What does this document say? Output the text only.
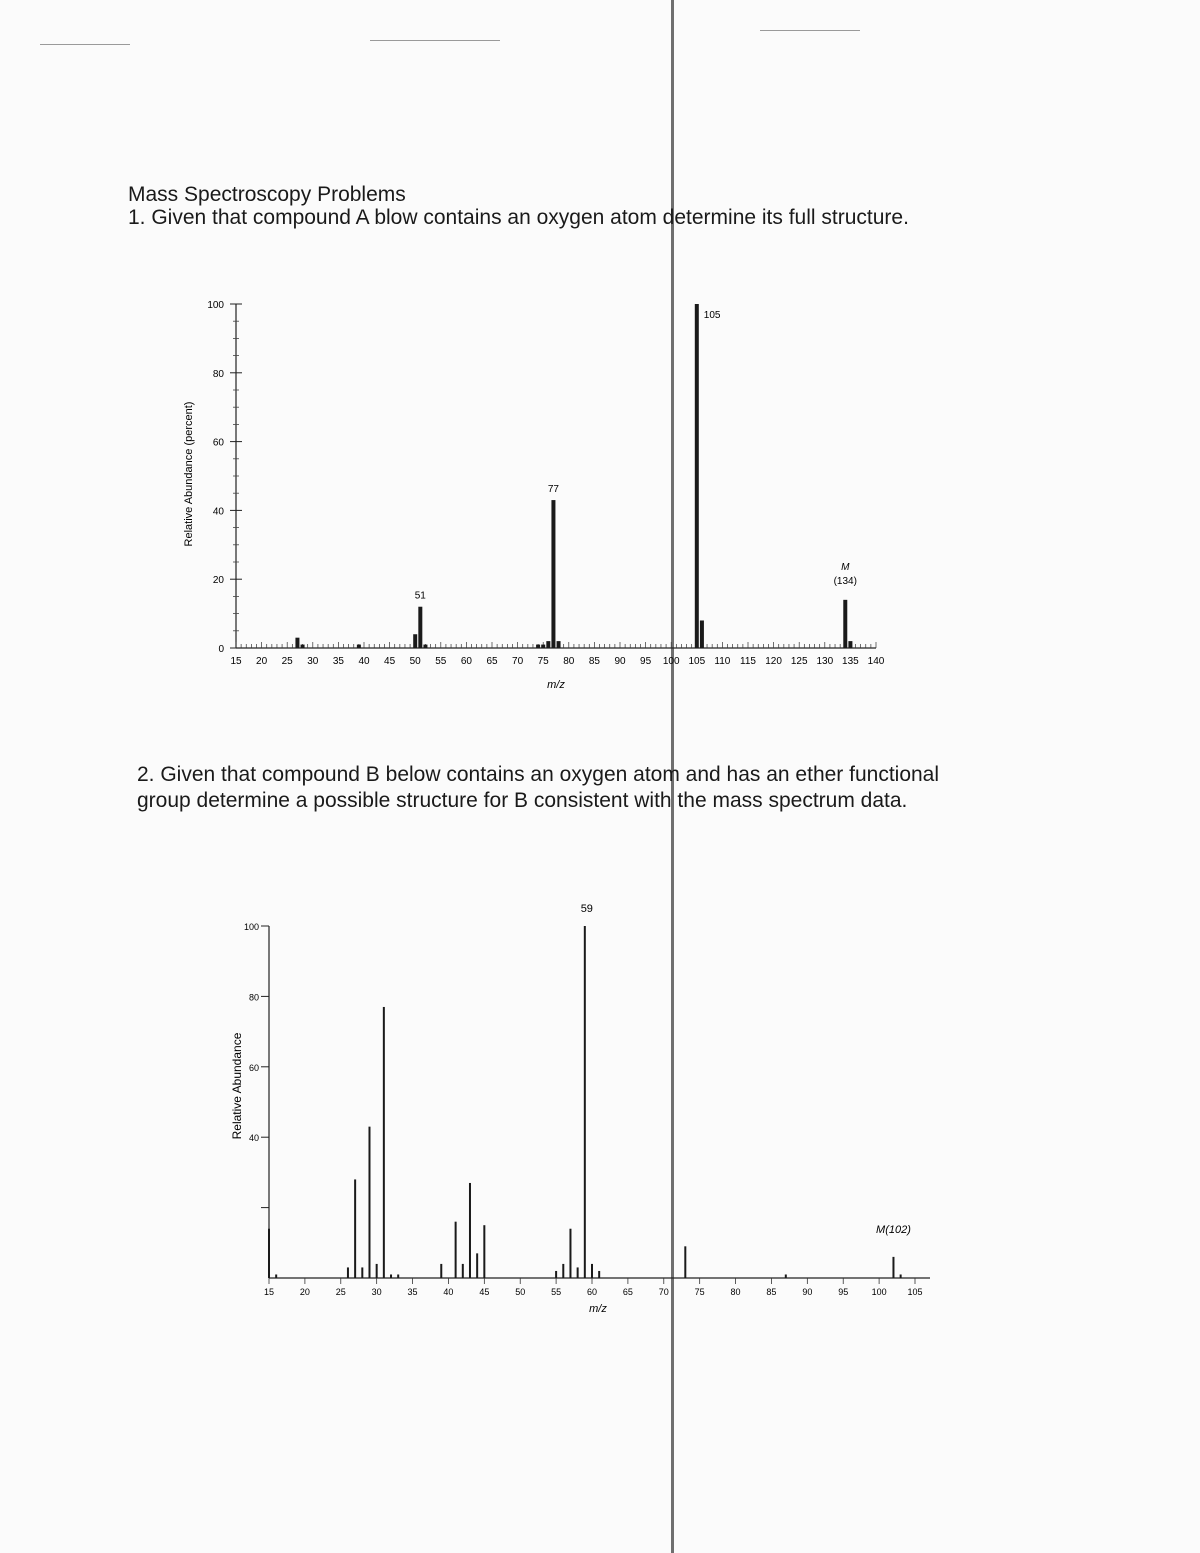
Mass Spectroscopy Problems
1. Given that compound A blow contains an oxygen atom determine its full structure.
2. Given that compound B below contains an oxygen atom and has an ether functional
group determine a possible structure for B consistent with the mass spectrum data.
0
20
40
60
80
100
15 20 25 30 35 40 45 50 55 60 65 70 75 80 85 90 95 100 105 110 115 120 125 130 135 140
51
77
105
M
(134)
Relative Abundance (percent)
m/z
40
60
80
100
15	20	25	30	35	40	45	50	55	60	65	70	75	80	85	90	95	100 105
59
M(102)
Relative Abundance
m/z
